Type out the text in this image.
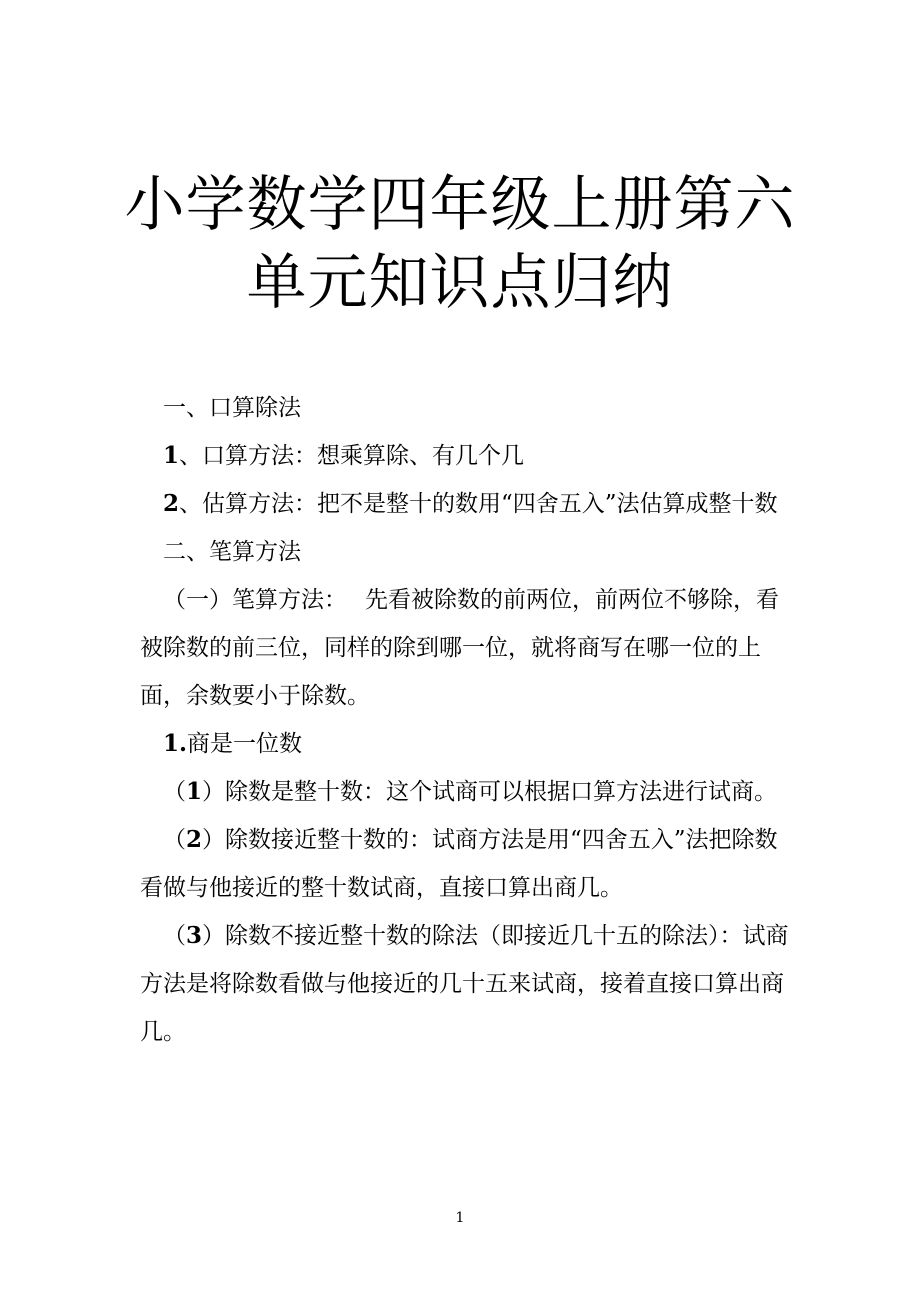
小学数学四年级上册第六
单元知识点归纳

一、口算除法

1、口算方法：想乘算除、有几个几

2、估算方法：把不是整十的数用“四舍五入”法估算成整十数

二、笔算方法

（一）笔算方法： 先看被除数的前两位，前两位不够除，看被除数的前三位，同样的除到哪一位，就将商写在哪一位的上面，余数要小于除数。

1.商是一位数

（1）除数是整十数：这个试商可以根据口算方法进行试商。

（2）除数接近整十数的：试商方法是用“四舍五入”法把除数看做与他接近的整十数试商，直接口算出商几。

（3）除数不接近整十数的除法（即接近几十五的除法）：试商方法是将除数看做与他接近的几十五来试商，接着直接口算出商几。

1
